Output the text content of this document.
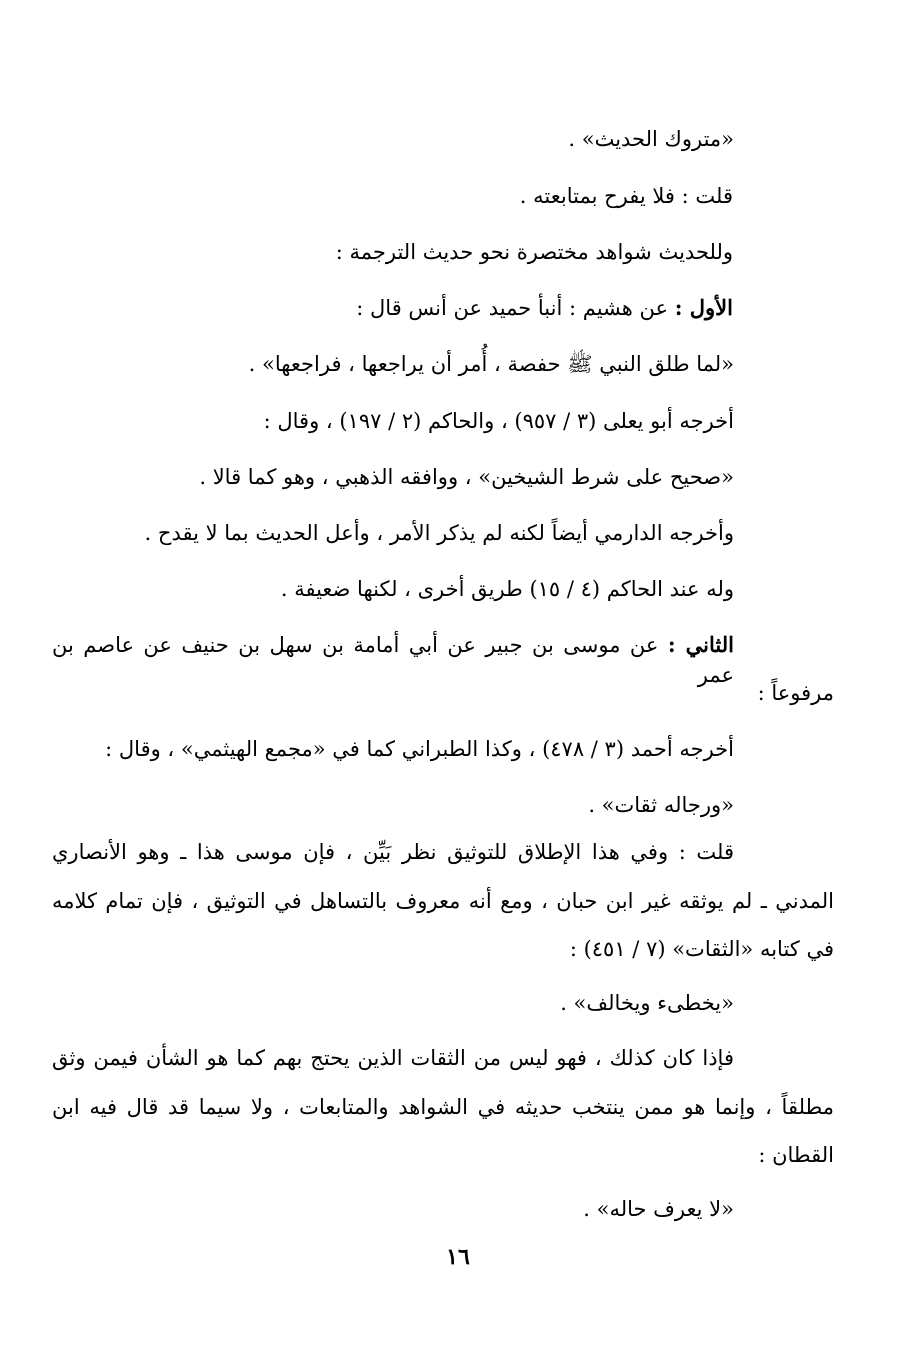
«متروك الحديث» .
قلت : فلا يفرح بمتابعته .
وللحديث شواهد مختصرة نحو حديث الترجمة :
الأول : عن هشيم : أنبأ حميد عن أنس قال :
«لما طلق النبي ﷺ حفصة ، أُمر أن يراجعها ، فراجعها» .
أخرجه أبو يعلى (٣ / ٩٥٧) ، والحاكم (٢ / ١٩٧) ، وقال :
«صحيح على شرط الشيخين» ، ووافقه الذهبي ، وهو كما قالا .
وأخرجه الدارمي أيضاً لكنه لم يذكر الأمر ، وأعل الحديث بما لا يقدح .
وله عند الحاكم (٤ / ١٥) طريق أخرى ، لكنها ضعيفة .
الثاني : عن موسى بن جبير عن أبي أمامة بن سهل بن حنيف عن عاصم بن عمر
مرفوعاً :
أخرجه أحمد (٣ / ٤٧٨) ، وكذا الطبراني كما في «مجمع الهيثمي» ، وقال :
«ورجاله ثقات» .
قلت : وفي هذا الإطلاق للتوثيق نظر بَيِّن ، فإن موسى هذا ـ وهو الأنصاري
المدني ـ لم يوثقه غير ابن حبان ، ومع أنه معروف بالتساهل في التوثيق ، فإن تمام كلامه
في كتابه «الثقات» (٧ / ٤٥١) :
«يخطىء ويخالف» .
فإذا كان كذلك ، فهو ليس من الثقات الذين يحتج بهم كما هو الشأن فيمن وثق
مطلقاً ، وإنما هو ممن ينتخب حديثه في الشواهد والمتابعات ، ولا سيما قد قال فيه ابن
القطان :
«لا يعرف حاله» .
١٦
